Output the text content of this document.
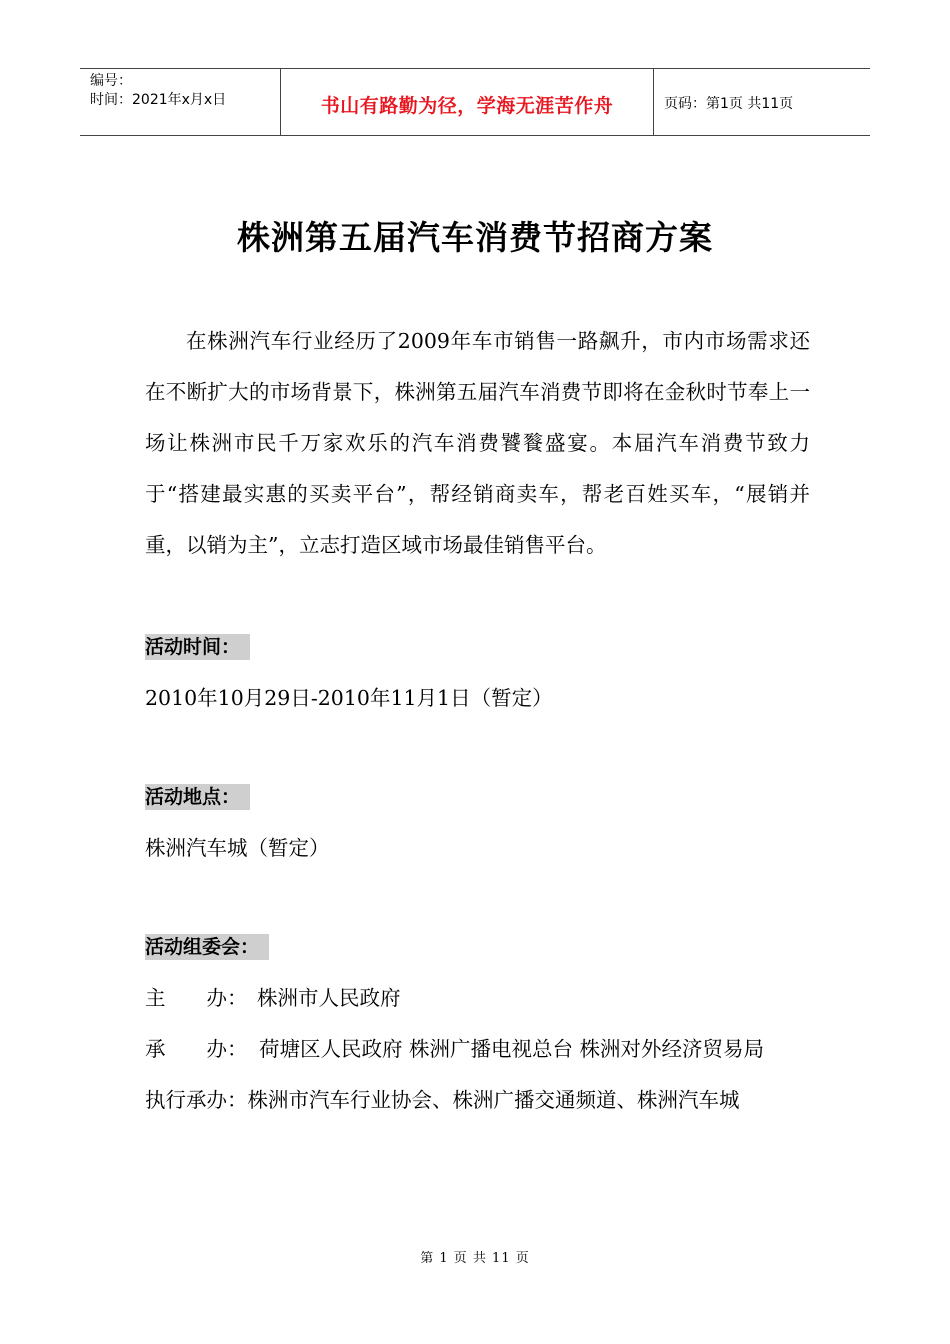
编号：
时间：2021年x月x日	书山有路勤为径，学海无涯苦作舟	页码：第1页 共11页
株洲第五届汽车消费节招商方案

在株洲汽车行业经历了2009年车市销售一路飙升，市内市场需求还在不断扩大的市场背景下，株洲第五届汽车消费节即将在金秋时节奉上一场让株洲市民千万家欢乐的汽车消费饕餮盛宴。本届汽车消费节致力于“搭建最实惠的买卖平台”，帮经销商卖车，帮老百姓买车，“展销并重，以销为主”，立志打造区域市场最佳销售平台。

活动时间：

2010年10月29日-2010年11月1日（暂定）

活动地点：

株洲汽车城（暂定）

活动组委会：

主　　办： 株洲市人民政府

承　　办： 荷塘区人民政府 株洲广播电视总台 株洲对外经济贸易局

执行承办：株洲市汽车行业协会、株洲广播交通频道、株洲汽车城

第 1 页 共 11 页
